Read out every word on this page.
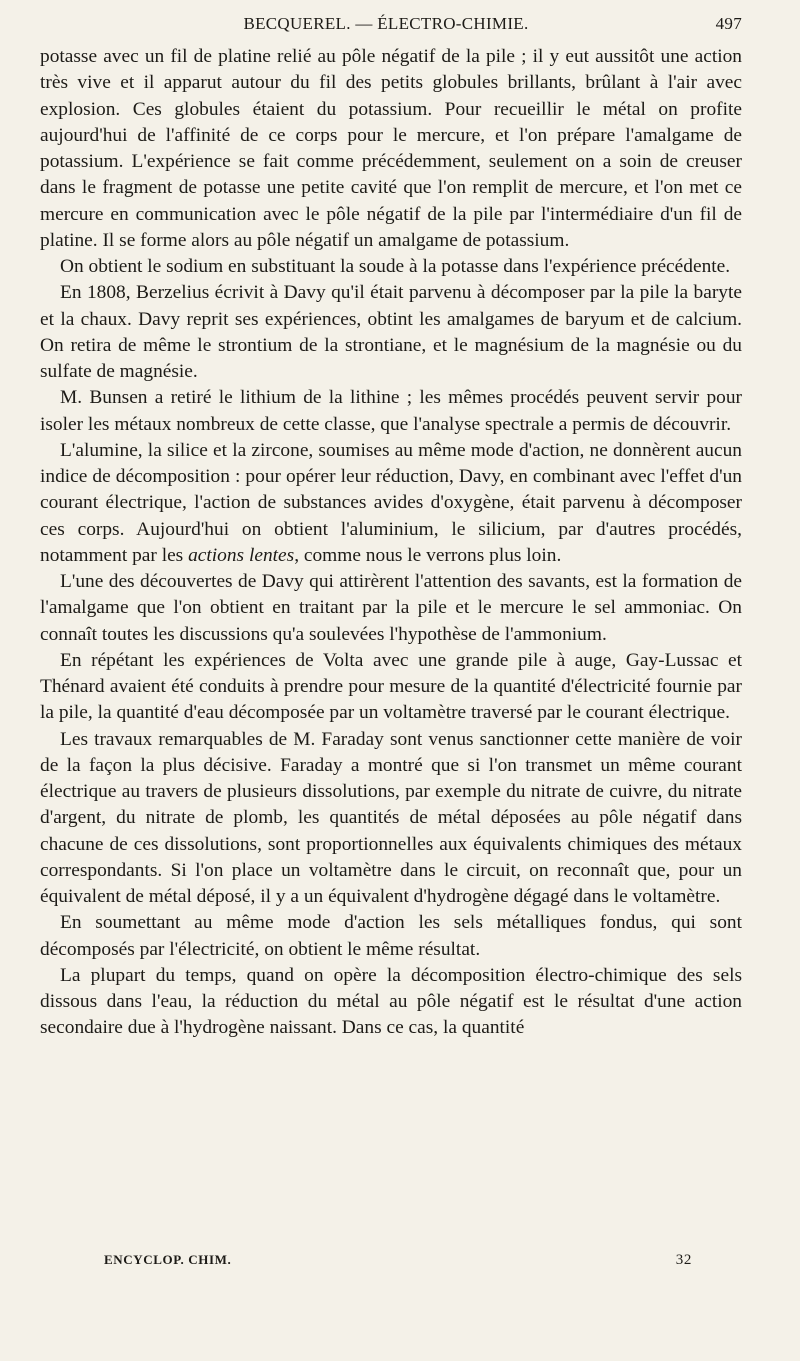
BECQUEREL. — ÉLECTRO-CHIMIE.	497

potasse avec un fil de platine relié au pôle négatif de la pile ; il y eut aussitôt une action très vive et il apparut autour du fil des petits globules brillants, brûlant à l'air avec explosion. Ces globules étaient du potassium. Pour recueillir le métal on profite aujourd'hui de l'affinité de ce corps pour le mercure, et l'on prépare l'amalgame de potassium. L'expérience se fait comme précédemment, seulement on a soin de creuser dans le fragment de potasse une petite cavité que l'on remplit de mercure, et l'on met ce mercure en communication avec le pôle négatif de la pile par l'intermédiaire d'un fil de platine. Il se forme alors au pôle négatif un amalgame de potassium.

On obtient le sodium en substituant la soude à la potasse dans l'expérience précédente.

En 1808, Berzelius écrivit à Davy qu'il était parvenu à décomposer par la pile la baryte et la chaux. Davy reprit ses expériences, obtint les amalgames de baryum et de calcium. On retira de même le strontium de la strontiane, et le magnésium de la magnésie ou du sulfate de magnésie.

M. Bunsen a retiré le lithium de la lithine ; les mêmes procédés peuvent servir pour isoler les métaux nombreux de cette classe, que l'analyse spectrale a permis de découvrir.

L'alumine, la silice et la zircone, soumises au même mode d'action, ne donnèrent aucun indice de décomposition : pour opérer leur réduction, Davy, en combinant avec l'effet d'un courant électrique, l'action de substances avides d'oxygène, était parvenu à décomposer ces corps. Aujourd'hui on obtient l'aluminium, le silicium, par d'autres procédés, notamment par les actions lentes, comme nous le verrons plus loin.

L'une des découvertes de Davy qui attirèrent l'attention des savants, est la formation de l'amalgame que l'on obtient en traitant par la pile et le mercure le sel ammoniac. On connaît toutes les discussions qu'a soulevées l'hypothèse de l'ammonium.

En répétant les expériences de Volta avec une grande pile à auge, Gay-Lussac et Thénard avaient été conduits à prendre pour mesure de la quantité d'électricité fournie par la pile, la quantité d'eau décomposée par un voltamètre traversé par le courant électrique.

Les travaux remarquables de M. Faraday sont venus sanctionner cette manière de voir de la façon la plus décisive. Faraday a montré que si l'on transmet un même courant électrique au travers de plusieurs dissolutions, par exemple du nitrate de cuivre, du nitrate d'argent, du nitrate de plomb, les quantités de métal déposées au pôle négatif dans chacune de ces dissolutions, sont proportionnelles aux équivalents chimiques des métaux correspondants. Si l'on place un voltamètre dans le circuit, on reconnaît que, pour un équivalent de métal déposé, il y a un équivalent d'hydrogène dégagé dans le voltamètre.

En soumettant au même mode d'action les sels métalliques fondus, qui sont décomposés par l'électricité, on obtient le même résultat.

La plupart du temps, quand on opère la décomposition électro-chimique des sels dissous dans l'eau, la réduction du métal au pôle négatif est le résultat d'une action secondaire due à l'hydrogène naissant. Dans ce cas, la quantité

ENCYCLOP. CHIM.	32
